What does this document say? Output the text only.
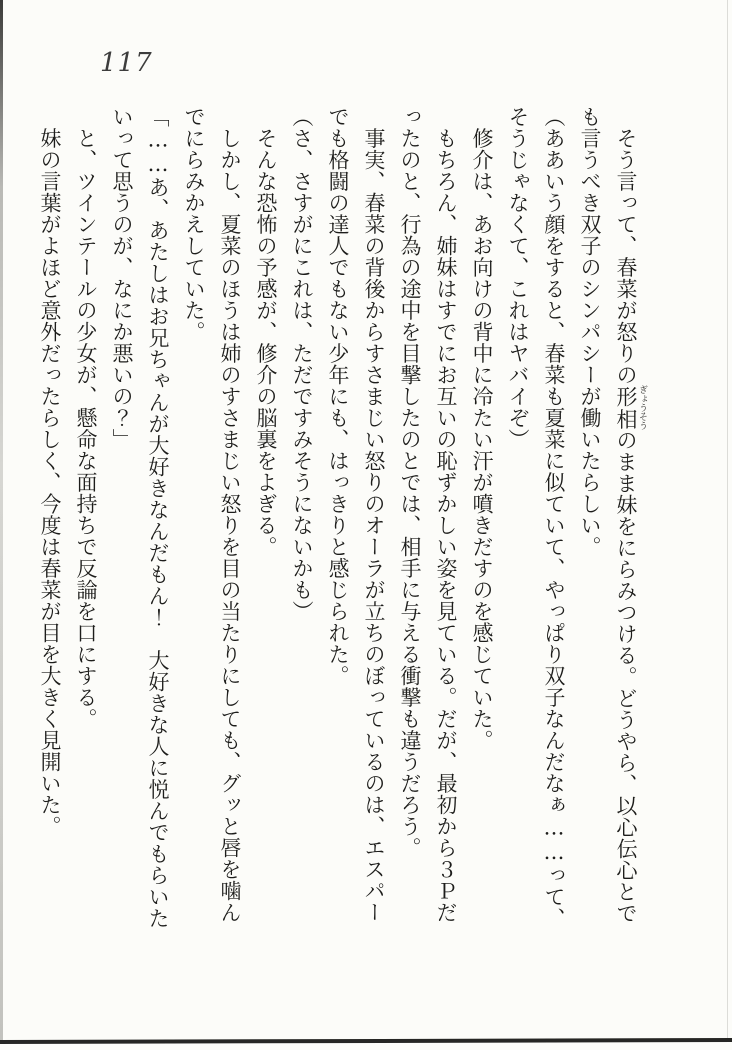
117
　そう言って、春菜が怒りの形相 ぎょうそうのまま妹をにらみつける。どうやら、以心伝心とで
も言うべき双子のシンパシーが働いたらしい。
（ああいう顔をすると、春菜も夏菜に似ていて、やっぱり双子なんだなぁ……って、
そうじゃなくて、これはヤバイぞ）
　修介は、あお向けの背中に冷たい汗が噴きだすのを感じていた。
　もちろん、姉妹はすでにお互いの恥ずかしい姿を見ている。だが、最初から３Ｐだ
ったのと、行為の途中を目撃したのとでは、相手に与える衝撃も違うだろう。
　事実、春菜の背後からすさまじい怒りのオーラが立ちのぼっているのは、エスパー
でも格闘の達人でもない少年にも、はっきりと感じられた。
（さ、さすがにこれは、ただですみそうにないかも）
　そんな恐怖の予感が、修介の脳裏をよぎる。
　しかし、夏菜のほうは姉のすさまじい怒りを目の当たりにしても、グッと唇を噛ん
でにらみかえしていた。
「……あ、あたしはお兄ちゃんが大好きなんだもん！　大好きな人に悦んでもらいた
いって思うのが、なにか悪いの？」
　と、ツインテールの少女が、懸命な面持ちで反論を口にする。
　妹の言葉がよほど意外だったらしく、今度は春菜が目を大きく見開いた。
